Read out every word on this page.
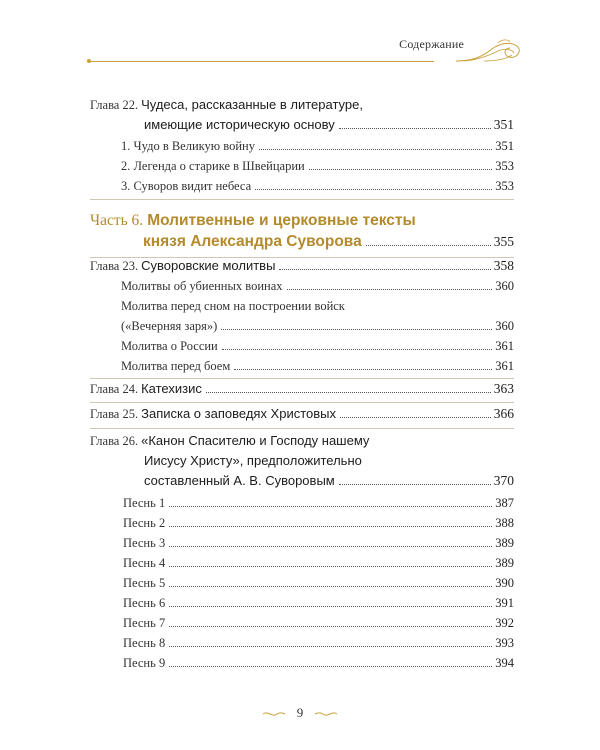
Содержание
Глава 22. Чудеса, рассказанные в литературе,
имеющие историческую основу	351
1. Чудо в Великую войну	351
2. Легенда о старике в Швейцарии	353
3. Суворов видит небеса	353
Часть 6. Молитвенные и церковные тексты
князя Александра Суворова	355
Глава 23. Суворовские молитвы	358
Молитвы об убиенных воинах	360
Молитва перед сном на построении войск
(«Вечерняя заря»)	360
Молитва о России	361
Молитва перед боем	361
Глава 24. Катехизис	363
Глава 25. Записка о заповедях Христовых	366
Глава 26. «Канон Спасителю и Господу нашему
Иисусу Христу», предположительно
составленный А. В. Суворовым	370
Песнь 1	387
Песнь 2	388
Песнь 3	389
Песнь 4	389
Песнь 5	390
Песнь 6	391
Песнь 7	392
Песнь 8	393
Песнь 9	394
9
